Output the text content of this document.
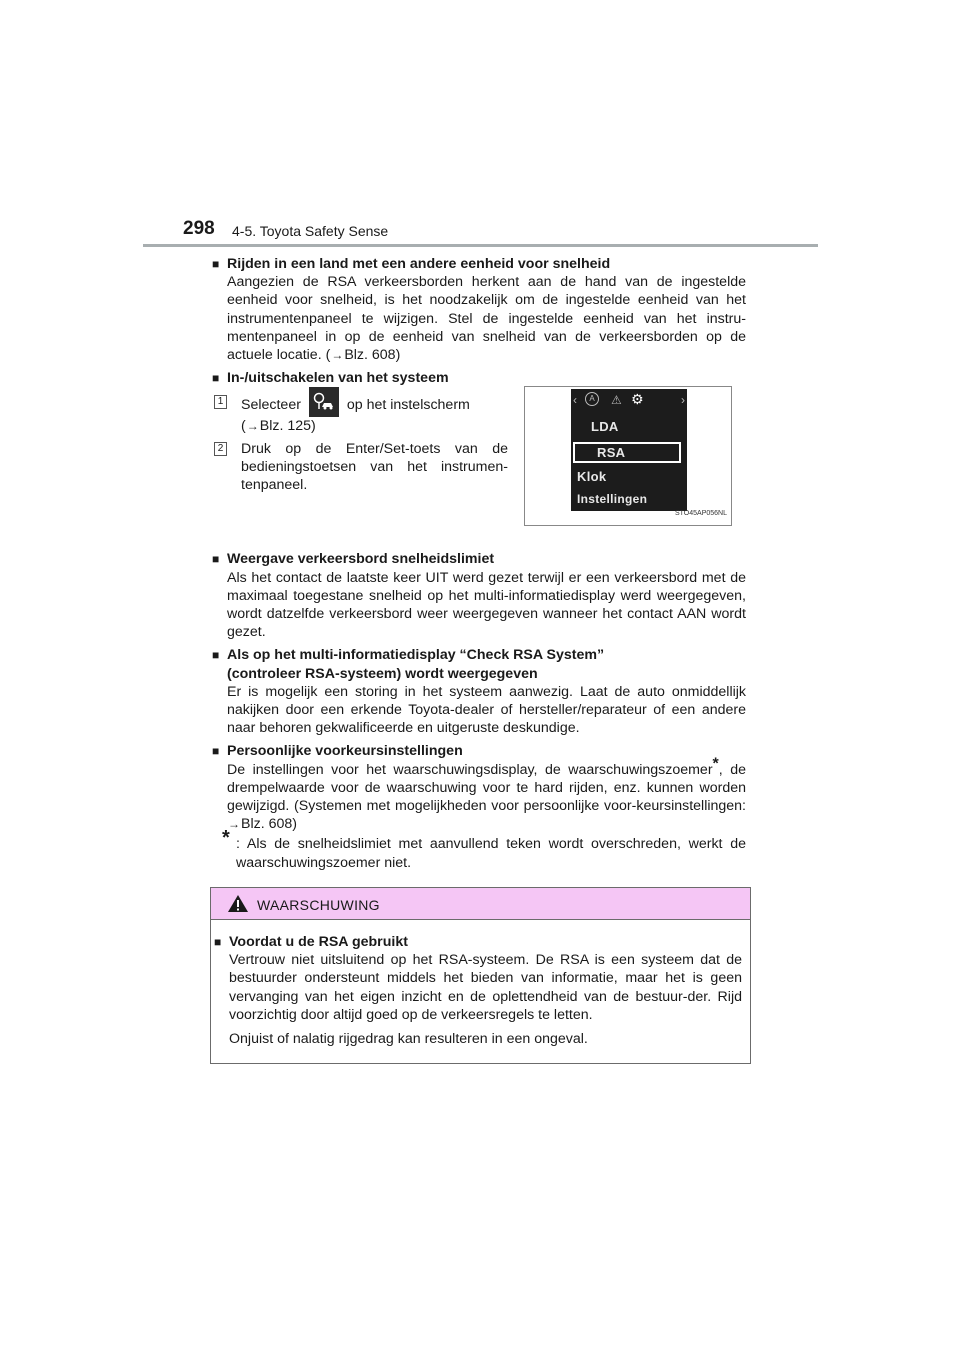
298 4-5. Toyota Safety Sense

■ Rijden in een land met een andere eenheid voor snelheid

Aangezien de RSA verkeersborden herkent aan de hand van de ingestelde eenheid voor snelheid, is het noodzakelijk om de ingestelde eenheid van het instrumentenpaneel te wijzigen. Stel de ingestelde eenheid van het instru-mentenpaneel in op de eenheid van snelheid van de verkeersborden op de actuele locatie. (→Blz. 608)

■ In-/uitschakelen van het systeem

1 Selecteer	op het instelscherm
(→Blz. 125)
2 Druk op de Enter/Set-toets van de bedieningstoetsen van het instrumen-tenpaneel.
‹	A	⚠ ⚙	›
LDA
RSA
Klok
Instellingen
STO45AP056NL

■ Weergave verkeersbord snelheidslimiet

Als het contact de laatste keer UIT werd gezet terwijl er een verkeersbord met de maximaal toegestane snelheid op het multi-informatiedisplay werd weergegeven, wordt datzelfde verkeersbord weer weergegeven wanneer het contact AAN wordt gezet.

■ Als op het multi-informatiedisplay “Check RSA System”
(controleer RSA-systeem) wordt weergegeven

Er is mogelijk een storing in het systeem aanwezig. Laat de auto onmiddellijk nakijken door een erkende Toyota-dealer of hersteller/reparateur of een andere naar behoren gekwalificeerde en uitgeruste deskundige.

■ Persoonlijke voorkeursinstellingen

De instellingen voor het waarschuwingsdisplay, de waarschuwingszoemer*, de drempelwaarde voor de waarschuwing voor te hard rijden, enz. kunnen worden gewijzigd. (Systemen met mogelijkheden voor persoonlijke voor-keursinstellingen: →Blz. 608)

* : Als de snelheidslimiet met aanvullend teken wordt overschreden, werkt de waarschuwingszoemer niet.

WAARSCHUWING

■ Voordat u de RSA gebruikt

Vertrouw niet uitsluitend op het RSA-systeem. De RSA is een systeem dat de bestuurder ondersteunt middels het bieden van informatie, maar het is geen vervanging van het eigen inzicht en de oplettendheid van de bestuur-der. Rijd voorzichtig door altijd goed op de verkeersregels te letten.

Onjuist of nalatig rijgedrag kan resulteren in een ongeval.
